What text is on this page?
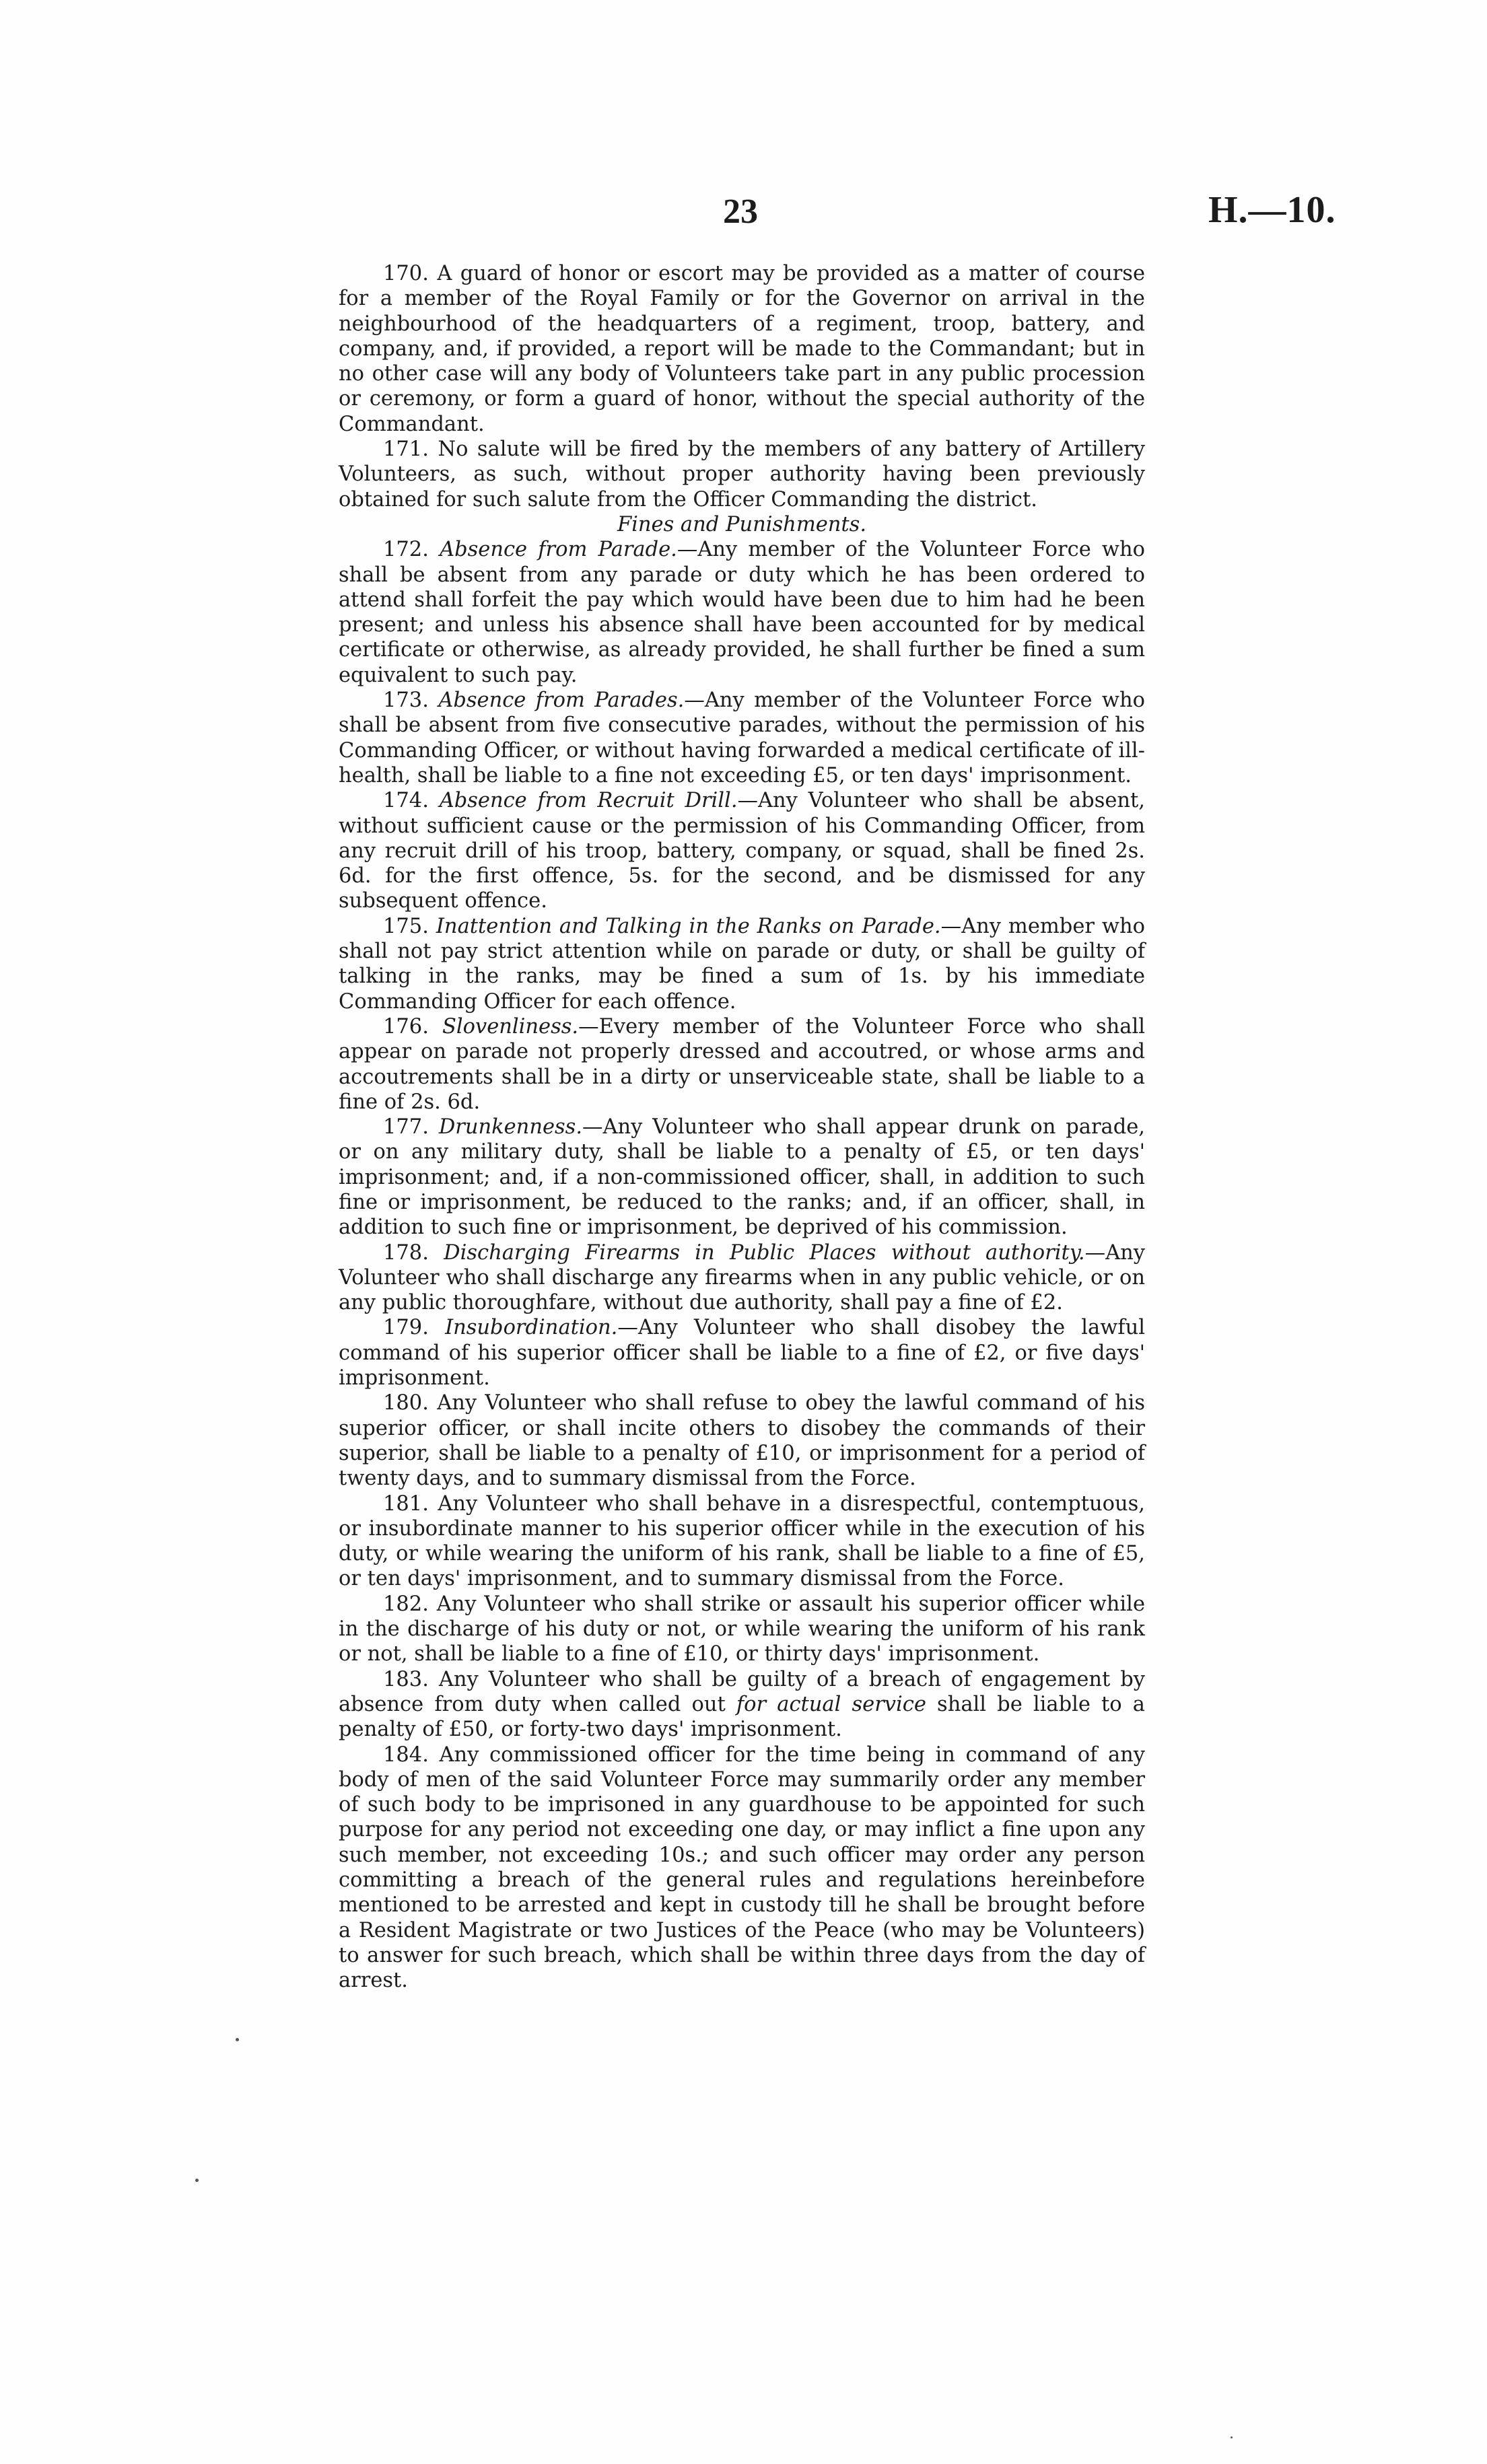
23	H.—10.

170. A guard of honor or escort may be provided as a matter of course for a member of the Royal Family or for the Governor on arrival in the neighbourhood of the headquarters of a regiment, troop, battery, and company, and, if provided, a report will be made to the Commandant; but in no other case will any body of Volunteers take part in any public procession or ceremony, or form a guard of honor, without the special authority of the Commandant.

171. No salute will be fired by the members of any battery of Artillery Volunteers, as such, without proper authority having been previously obtained for such salute from the Officer Commanding the district.

Fines and Punishments.

172. Absence from Parade.—Any member of the Volunteer Force who shall be absent from any parade or duty which he has been ordered to attend shall forfeit the pay which would have been due to him had he been present; and unless his absence shall have been accounted for by medical certificate or otherwise, as already provided, he shall further be fined a sum equivalent to such pay.

173. Absence from Parades.—Any member of the Volunteer Force who shall be absent from five consecutive parades, without the permission of his Commanding Officer, or without having forwarded a medical certificate of ill-health, shall be liable to a fine not exceeding £5, or ten days' imprisonment.

174. Absence from Recruit Drill.—Any Volunteer who shall be absent, without sufficient cause or the permission of his Commanding Officer, from any recruit drill of his troop, battery, company, or squad, shall be fined 2s. 6d. for the first offence, 5s. for the second, and be dismissed for any subsequent offence.

175. Inattention and Talking in the Ranks on Parade.—Any member who shall not pay strict attention while on parade or duty, or shall be guilty of talking in the ranks, may be fined a sum of 1s. by his immediate Commanding Officer for each offence.

176. Slovenliness.—Every member of the Volunteer Force who shall appear on parade not properly dressed and accoutred, or whose arms and accoutrements shall be in a dirty or unserviceable state, shall be liable to a fine of 2s. 6d.

177. Drunkenness.—Any Volunteer who shall appear drunk on parade, or on any military duty, shall be liable to a penalty of £5, or ten days' imprisonment; and, if a non-commissioned officer, shall, in addition to such fine or imprisonment, be reduced to the ranks; and, if an officer, shall, in addition to such fine or imprisonment, be deprived of his commission.

178. Discharging Firearms in Public Places without authority.—Any Volunteer who shall discharge any firearms when in any public vehicle, or on any public thoroughfare, without due authority, shall pay a fine of £2.

179. Insubordination.—Any Volunteer who shall disobey the lawful command of his superior officer shall be liable to a fine of £2, or five days' imprisonment.

180. Any Volunteer who shall refuse to obey the lawful command of his superior officer, or shall incite others to disobey the commands of their superior, shall be liable to a penalty of £10, or imprisonment for a period of twenty days, and to summary dismissal from the Force.

181. Any Volunteer who shall behave in a disrespectful, contemptuous, or insubordinate manner to his superior officer while in the execution of his duty, or while wearing the uniform of his rank, shall be liable to a fine of £5, or ten days' imprisonment, and to summary dismissal from the Force.

182. Any Volunteer who shall strike or assault his superior officer while in the discharge of his duty or not, or while wearing the uniform of his rank or not, shall be liable to a fine of £10, or thirty days' imprisonment.

183. Any Volunteer who shall be guilty of a breach of engagement by absence from duty when called out for actual service shall be liable to a penalty of £50, or forty-two days' imprisonment.

184. Any commissioned officer for the time being in command of any body of men of the said Volunteer Force may summarily order any member of such body to be imprisoned in any guardhouse to be appointed for such purpose for any period not exceeding one day, or may inflict a fine upon any such member, not exceeding 10s.; and such officer may order any person committing a breach of the general rules and regulations hereinbefore mentioned to be arrested and kept in custody till he shall be brought before a Resident Magistrate or two Justices of the Peace (who may be Volunteers) to answer for such breach, which shall be within three days from the day of arrest.
